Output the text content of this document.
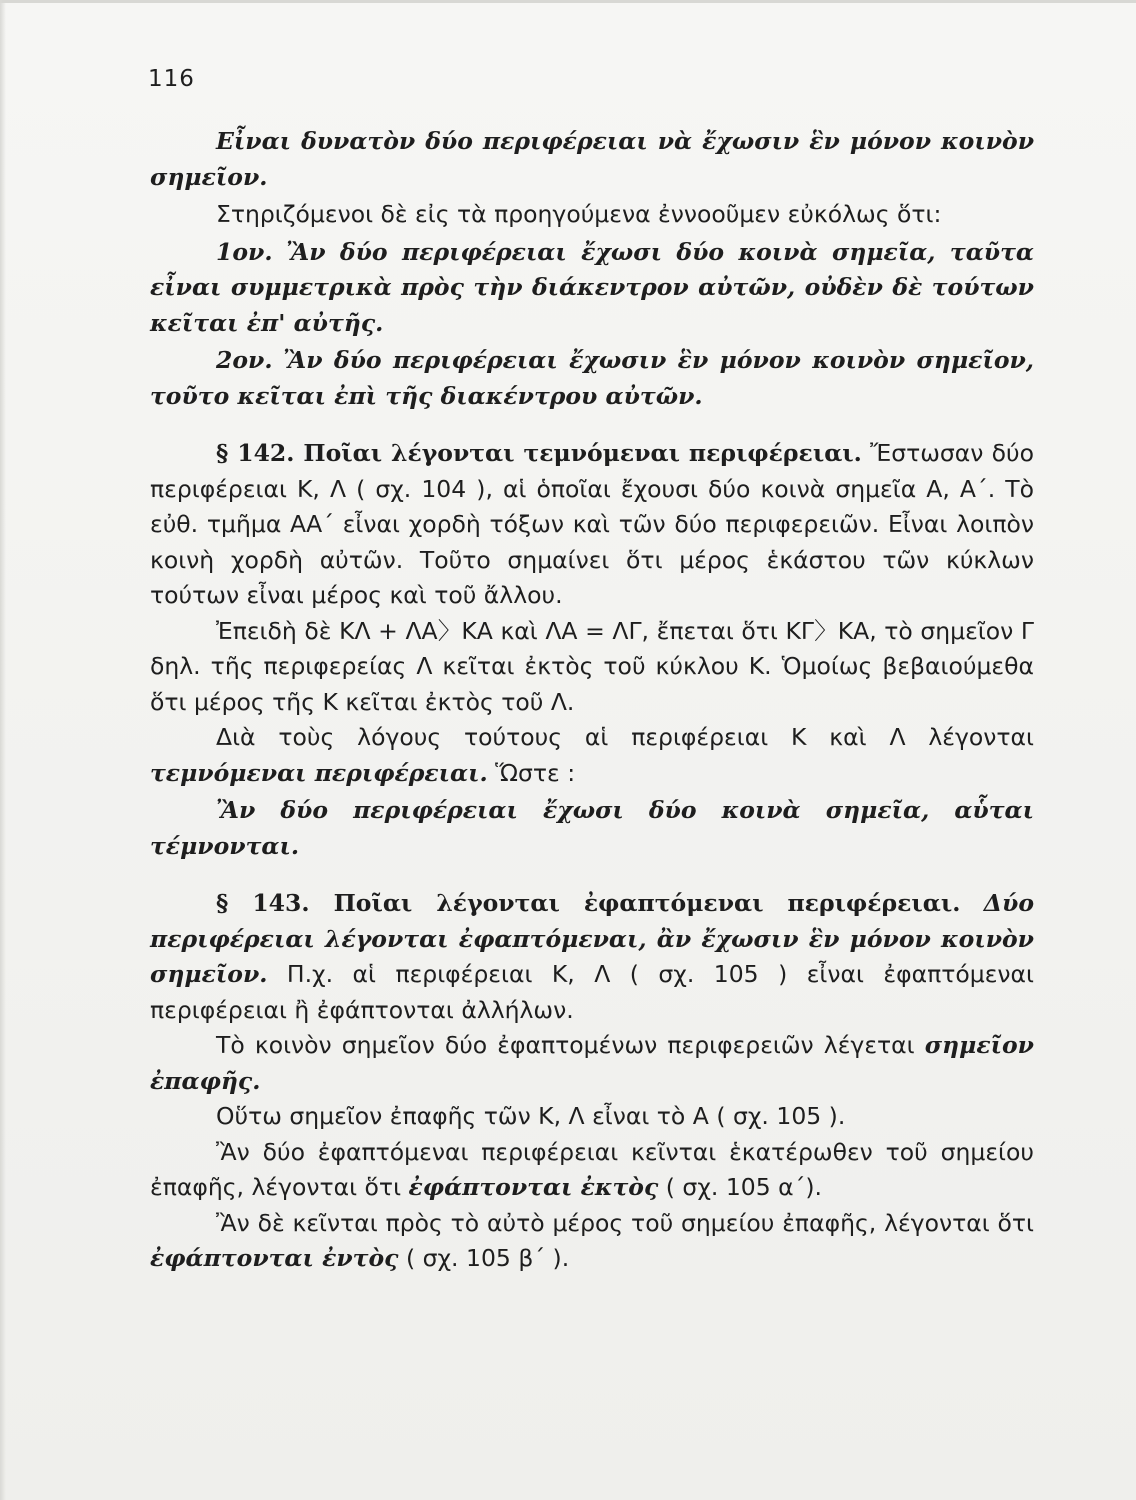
116

Εἶναι δυνατὸν δύο περιφέρειαι νὰ ἔχωσιν ἓν μόνον κοινὸν σημεῖον.

Στηριζόμενοι δὲ εἰς τὰ προηγούμενα ἐννοοῦμεν εὐκόλως ὅτι:

1ον. Ἂν δύο περιφέρειαι ἔχωσι δύο κοινὰ σημεῖα, ταῦτα εἶναι συμμετρικὰ πρὸς τὴν διάκεντρον αὐτῶν, οὐδὲν δὲ τούτων κεῖται ἐπ' αὐτῆς.

2ον. Ἂν δύο περιφέρειαι ἔχωσιν ἓν μόνον κοινὸν σημεῖον, τοῦτο κεῖται ἐπὶ τῆς διακέντρου αὐτῶν.

§ 142. Ποῖαι λέγονται τεμνόμεναι περιφέρειαι. Ἔστωσαν δύο περιφέρειαι Κ, Λ ( σχ. 104 ), αἱ ὁποῖαι ἔχουσι δύο κοινὰ σημεῖα Α, Α΄. Τὸ εὐθ. τμῆμα ΑΑ΄ εἶναι χορδὴ τόξων καὶ τῶν δύο περιφερειῶν. Εἶναι λοιπὸν κοινὴ χορδὴ αὐτῶν. Τοῦτο σημαίνει ὅτι μέρος ἑκάστου τῶν κύκλων τούτων εἶναι μέρος καὶ τοῦ ἄλλου.

Ἐπειδὴ δὲ ΚΛ + ΛΑ〉ΚΑ καὶ ΛΑ = ΛΓ, ἔπεται ὅτι ΚΓ〉ΚΑ, τὸ σημεῖον Γ δηλ. τῆς περιφερείας Λ κεῖται ἐκτὸς τοῦ κύκλου Κ. Ὁμοίως βεβαιούμεθα ὅτι μέρος τῆς Κ κεῖται ἐκτὸς τοῦ Λ.

Διὰ τοὺς λόγους τούτους αἱ περιφέρειαι Κ καὶ Λ λέγονται τεμνόμεναι περιφέρειαι. Ὥστε :

Ἂν δύο περιφέρειαι ἔχωσι δύο κοινὰ σημεῖα, αὗται τέμνονται.

§ 143. Ποῖαι λέγονται ἐφαπτόμεναι περιφέρειαι. Δύο περιφέρειαι λέγονται ἐφαπτόμεναι, ἂν ἔχωσιν ἓν μόνον κοινὸν σημεῖον. Π.χ. αἱ περιφέρειαι Κ, Λ ( σχ. 105 ) εἶναι ἐφαπτόμεναι περιφέρειαι ἢ ἐφάπτονται ἀλλήλων.

Τὸ κοινὸν σημεῖον δύο ἐφαπτομένων περιφερειῶν λέγεται σημεῖον ἐπαφῆς.

Οὕτω σημεῖον ἐπαφῆς τῶν Κ, Λ εἶναι τὸ Α ( σχ. 105 ).

Ἂν δύο ἐφαπτόμεναι περιφέρειαι κεῖνται ἑκατέρωθεν τοῦ σημείου ἐπαφῆς, λέγονται ὅτι ἐφάπτονται ἐκτὸς ( σχ. 105 α΄).

Ἂν δὲ κεῖνται πρὸς τὸ αὐτὸ μέρος τοῦ σημείου ἐπαφῆς, λέγονται ὅτι ἐφάπτονται ἐντὸς ( σχ. 105 β΄ ).
